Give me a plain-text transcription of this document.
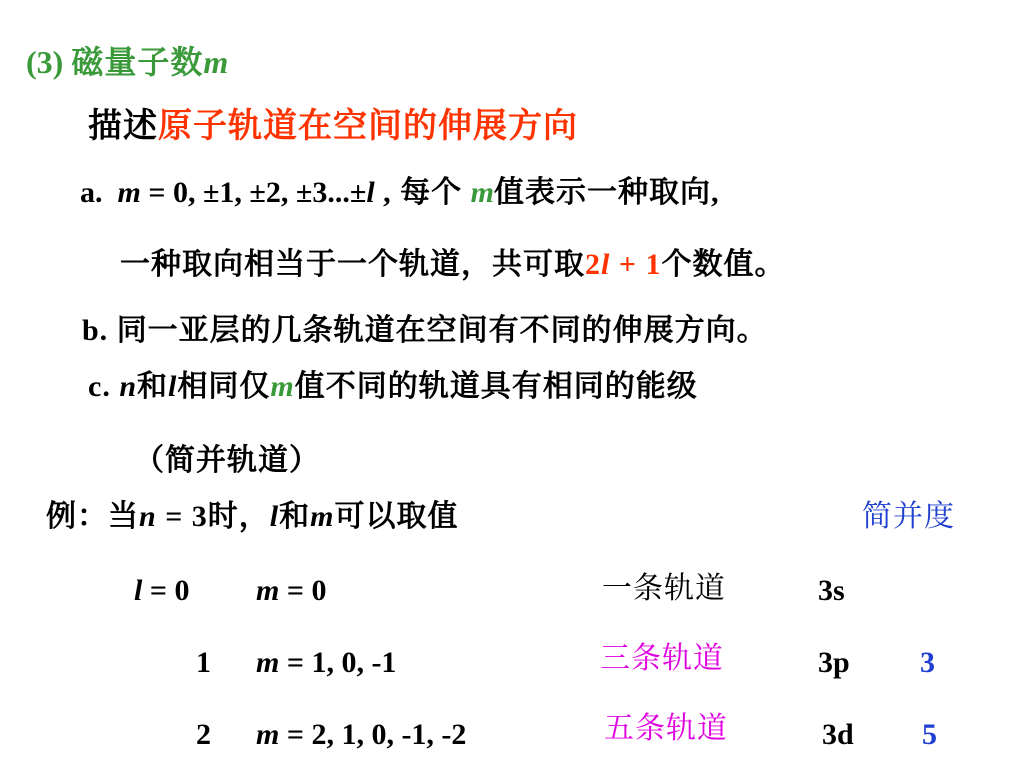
(3) 磁量子数m
描述原子轨道在空间的伸展方向
a. m = 0, ±1, ±2, ±3...±l , 每个 m值表示一种取向,
一种取向相当于一个轨道，共可取2l + 1个数值。
b. 同一亚层的几条轨道在空间有不同的伸展方向。
c. n和l相同仅m值不同的轨道具有相同的能级
（简并轨道）
例：当n = 3时，l和m可以取值	简并度
l = 0 m = 0	一条轨道	3s
1 m = 1, 0, -1	三条轨道	3p 3
2 m = 2, 1, 0, -1, -2	五条轨道	3d 5
